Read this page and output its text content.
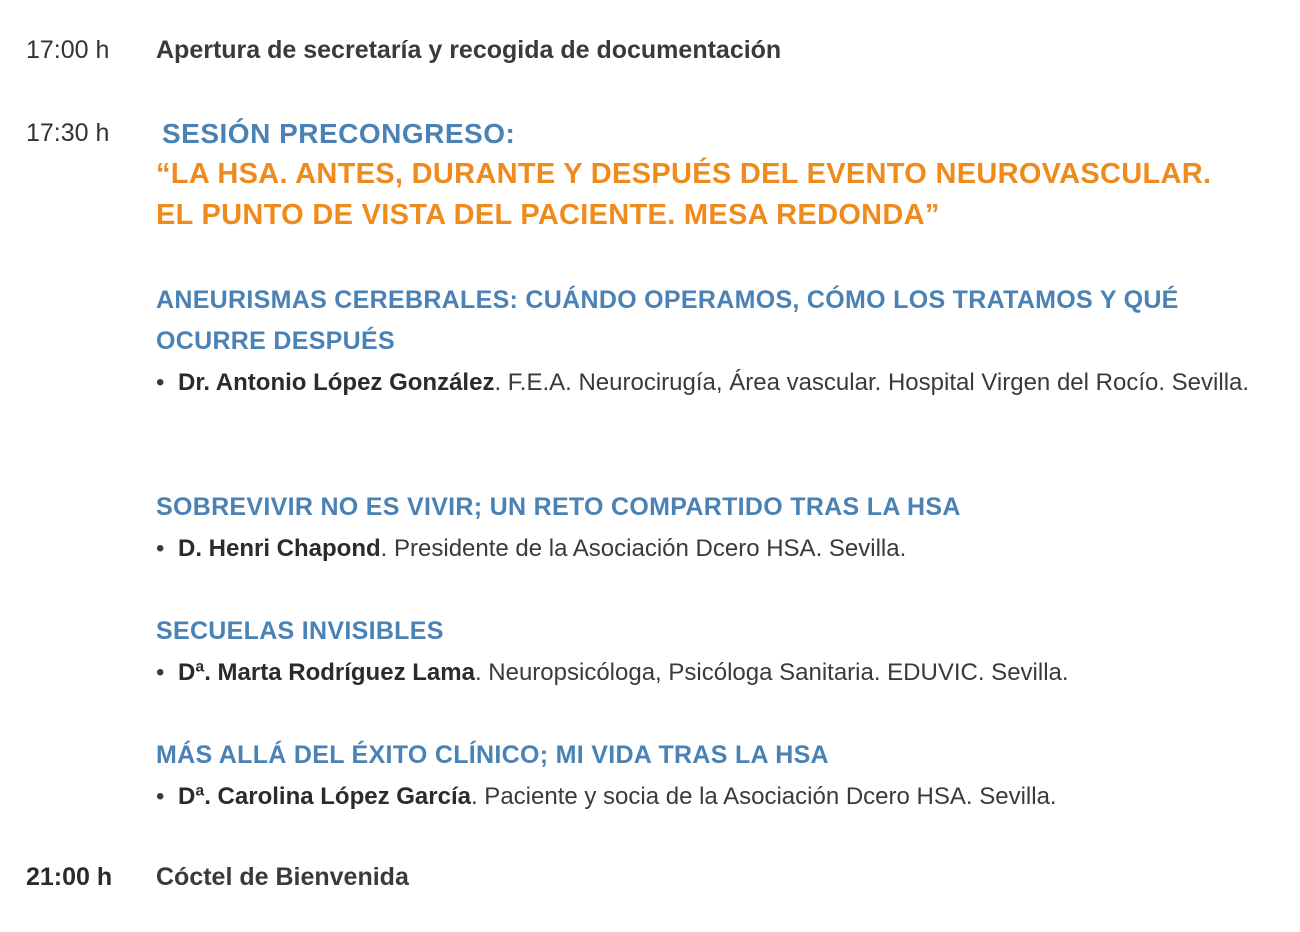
17:00 h Apertura de secretaría y recogida de documentación
17:30 h SESIÓN PRECONGRESO:
“LA HSA. ANTES, DURANTE Y DESPUÉS DEL EVENTO NEUROVASCULAR.
EL PUNTO DE VISTA DEL PACIENTE. MESA REDONDA”
ANEURISMAS CEREBRALES: CUÁNDO OPERAMOS, CÓMO LOS TRATAMOS Y QUÉ
OCURRE DESPUÉS
• Dr. Antonio López González. F.E.A. Neurocirugía, Área vascular. Hospital Virgen del Rocío. Sevilla.
SOBREVIVIR NO ES VIVIR; UN RETO COMPARTIDO TRAS LA HSA
• D. Henri Chapond. Presidente de la Asociación Dcero HSA. Sevilla.
SECUELAS INVISIBLES
• Dª. Marta Rodríguez Lama. Neuropsicóloga, Psicóloga Sanitaria. EDUVIC. Sevilla.
MÁS ALLÁ DEL ÉXITO CLÍNICO; MI VIDA TRAS LA HSA
• Dª. Carolina López García. Paciente y socia de la Asociación Dcero HSA. Sevilla.
21:00 h Cóctel de Bienvenida
